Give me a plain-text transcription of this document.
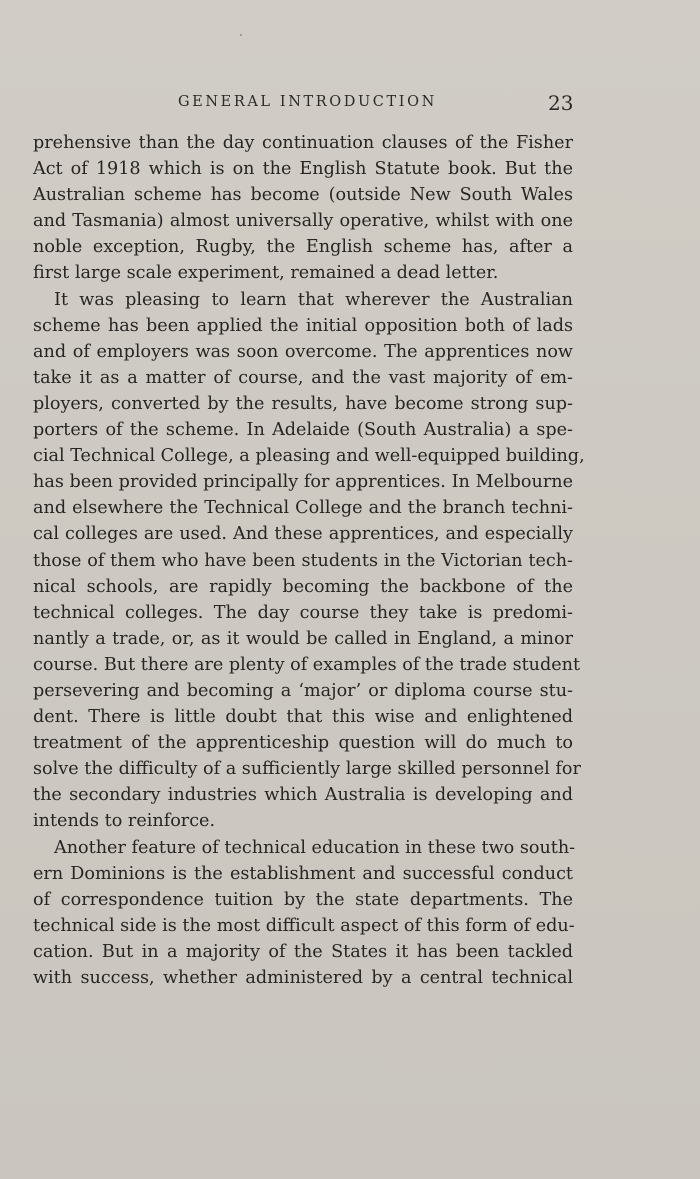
GENERAL INTRODUCTION	23
prehensive than the day continuation clauses of the Fisher
Act of 1918 which is on the English Statute book. But the
Australian scheme has become (outside New South Wales
and Tasmania) almost universally operative, whilst with one
noble exception, Rugby, the English scheme has, after a
first large scale experiment, remained a dead letter.
It was pleasing to learn that wherever the Australian
scheme has been applied the initial opposition both of lads
and of employers was soon overcome. The apprentices now
take it as a matter of course, and the vast majority of em-
ployers, converted by the results, have become strong sup-
porters of the scheme. In Adelaide (South Australia) a spe-
cial Technical College, a pleasing and well-equipped building,
has been provided principally for apprentices. In Melbourne
and elsewhere the Technical College and the branch techni-
cal colleges are used. And these apprentices, and especially
those of them who have been students in the Victorian tech-
nical schools, are rapidly becoming the backbone of the
technical colleges. The day course they take is predomi-
nantly a trade, or, as it would be called in England, a minor
course. But there are plenty of examples of the trade student
persevering and becoming a ‘major’ or diploma course stu-
dent. There is little doubt that this wise and enlightened
treatment of the apprenticeship question will do much to
solve the difficulty of a sufficiently large skilled personnel for
the secondary industries which Australia is developing and
intends to reinforce.
Another feature of technical education in these two south-
ern Dominions is the establishment and successful conduct
of correspondence tuition by the state departments. The
technical side is the most difficult aspect of this form of edu-
cation. But in a majority of the States it has been tackled
with success, whether administered by a central technical
